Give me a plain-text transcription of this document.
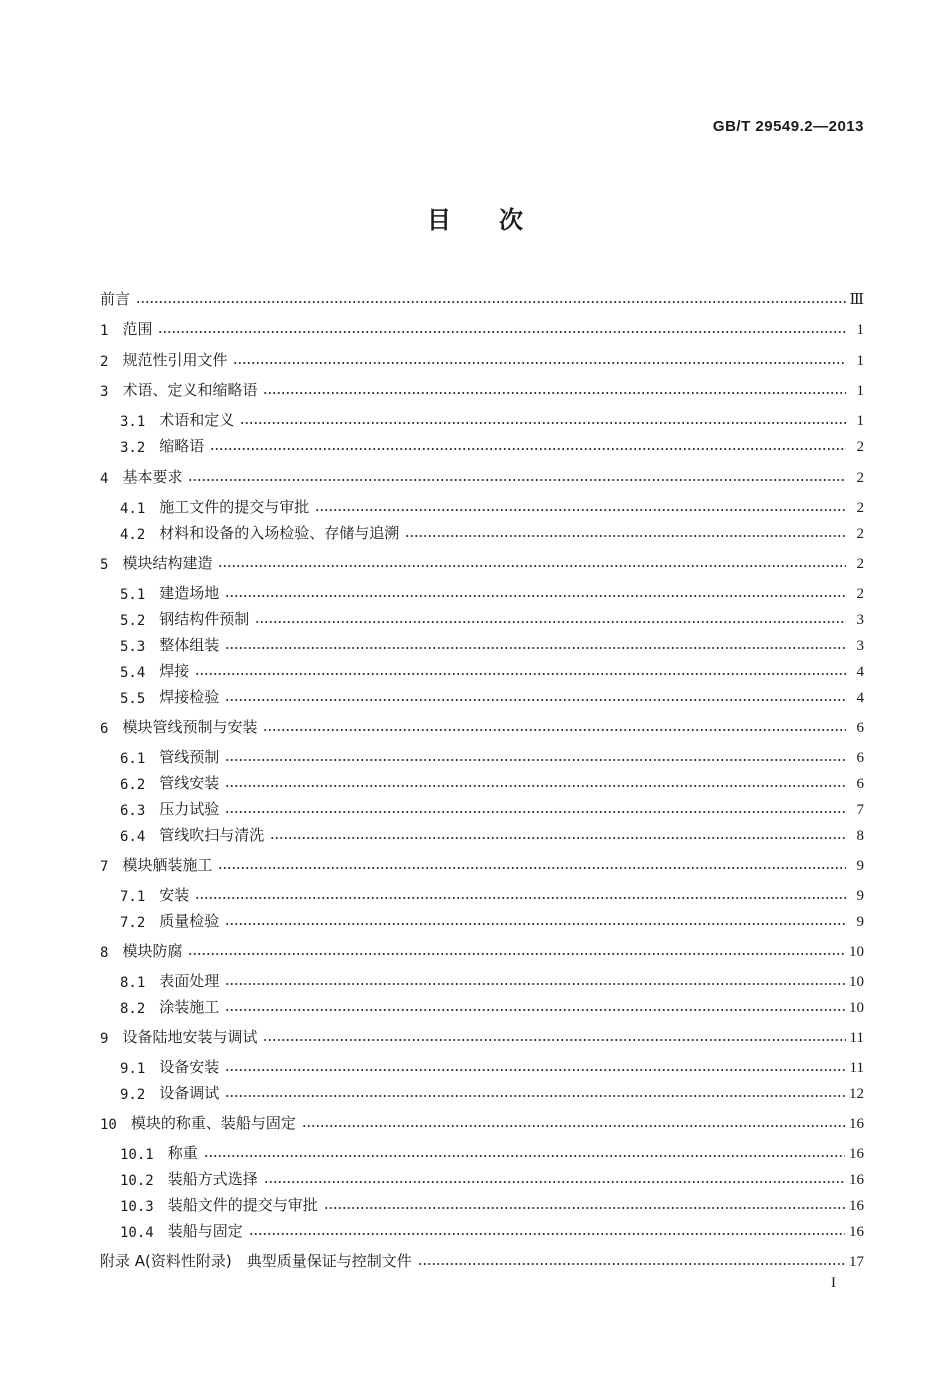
GB/T 29549.2—2013
目 次
前言	Ⅲ
1 范围	1
2 规范性引用文件	1
3 术语、定义和缩略语	1
3.1 术语和定义	1
3.2 缩略语	2
4 基本要求	2
4.1 施工文件的提交与审批	2
4.2 材料和设备的入场检验、存储与追溯	2
5 模块结构建造	2
5.1 建造场地	2
5.2 钢结构件预制	3
5.3 整体组装	3
5.4 焊接	4
5.5 焊接检验	4
6 模块管线预制与安装	6
6.1 管线预制	6
6.2 管线安装	6
6.3 压力试验	7
6.4 管线吹扫与清洗	8
7 模块舾装施工	9
7.1 安装	9
7.2 质量检验	9
8 模块防腐	10
8.1 表面处理	10
8.2 涂装施工	10
9 设备陆地安装与调试	11
9.1 设备安装	11
9.2 设备调试	12
10 模块的称重、装船与固定	16
10.1 称重	16
10.2 装船方式选择	16
10.3 装船文件的提交与审批	16
10.4 装船与固定	16
附录 A(资料性附录)　典型质量保证与控制文件	17
I
